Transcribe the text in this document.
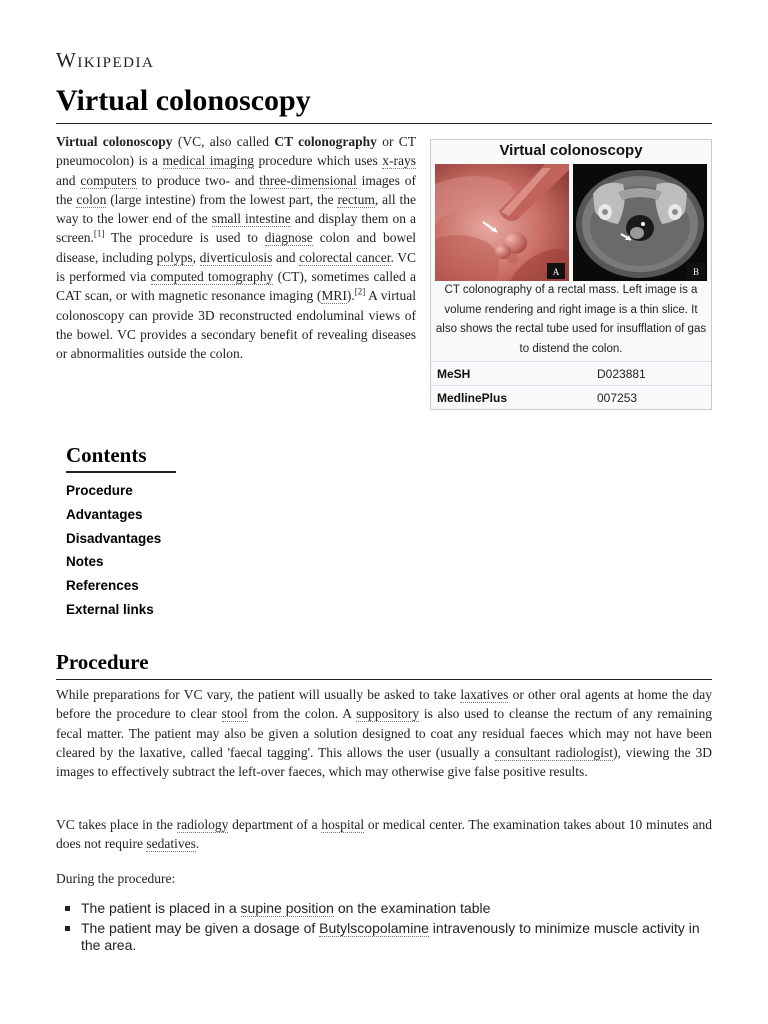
Wikipedia
Virtual colonoscopy
Virtual colonoscopy (VC, also called CT colonography or CT pneumocolon) is a medical imaging procedure which uses x-rays and computers to produce two- and three-dimensional images of the colon (large intestine) from the lowest part, the rectum, all the way to the lower end of the small intestine and display them on a screen.[1] The procedure is used to diagnose colon and bowel disease, including polyps, diverticulosis and colorectal cancer. VC is performed via computed tomography (CT), sometimes called a CAT scan, or with magnetic resonance imaging (MRI).[2] A virtual colonoscopy can provide 3D reconstructed endoluminal views of the bowel. VC provides a secondary benefit of revealing diseases or abnormalities outside the colon.
Virtual colonoscopy
A	B
CT colonography of a rectal mass. Left image is a volume rendering and right image is a thin slice. It also shows the rectal tube used for insufflation of gas to distend the colon.
MeSH	D023881
MedlinePlus	007253
Contents
Procedure
Advantages
Disadvantages
Notes
References
External links
Procedure

While preparations for VC vary, the patient will usually be asked to take laxatives or other oral agents at home the day before the procedure to clear stool from the colon. A suppository is also used to cleanse the rectum of any remaining fecal matter. The patient may also be given a solution designed to coat any residual faeces which may not have been cleared by the laxative, called 'faecal tagging'. This allows the user (usually a consultant radiologist), viewing the 3D images to effectively subtract the left-over faeces, which may otherwise give false positive results.

VC takes place in the radiology department of a hospital or medical center. The examination takes about 10 minutes and does not require sedatives.

During the procedure:

The patient is placed in a supine position on the examination table
The patient may be given a dosage of Butylscopolamine intravenously to minimize muscle activity in the area.
